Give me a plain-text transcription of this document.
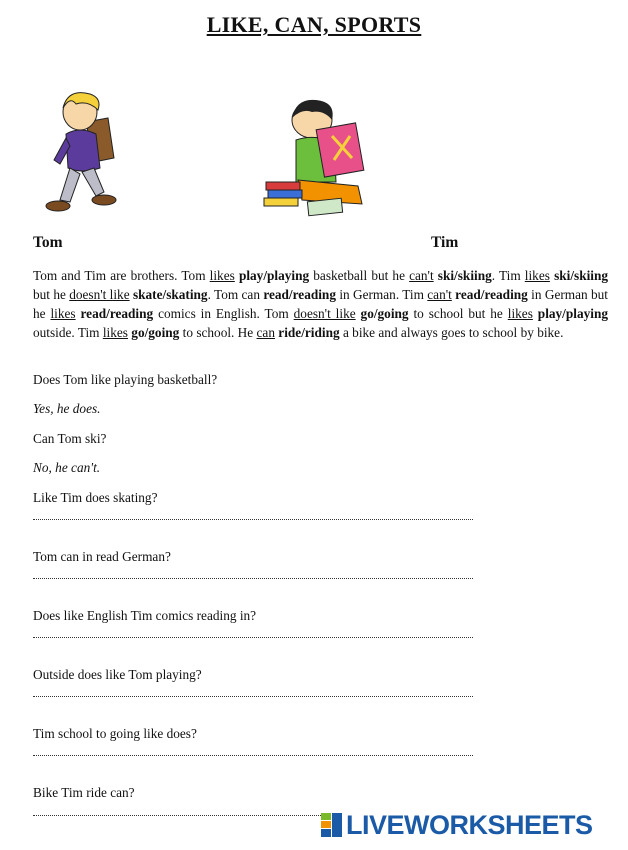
LIKE, CAN, SPORTS
Tom	Tim
Tom and Tim are brothers. Tom likes play/playing basketball but he can't ski/skiing. Tim likes ski/skiing but he doesn't like skate/skating. Tom can read/reading in German. Tim can't read/reading in German but he likes read/reading comics in English. Tom doesn't like go/going to school but he likes play/playing outside. Tim likes go/going to school. He can ride/riding a bike and always goes to school by bike.
Does Tom like playing basketball?
Yes, he does.
Can Tom ski?
No, he can't.
Like Tim does skating?
Tom can in read German?
Does like English Tim comics reading in?
Outside does like Tom playing?
Tim school to going like does?
Bike Tim ride can?
LIVEWORKSHEETS
